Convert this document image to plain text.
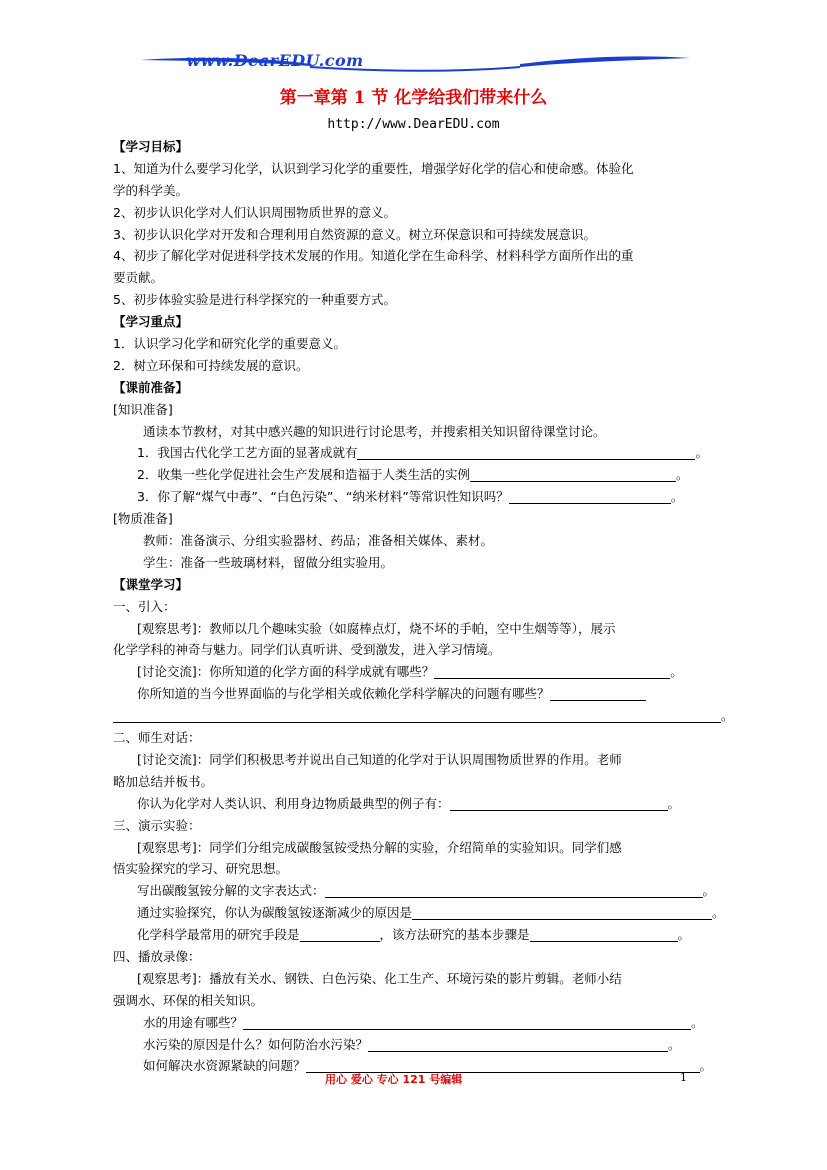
www.DearEDU.com
第一章第 1 节 化学给我们带来什么
http://www.DearEDU.com
【学习目标】
1、知道为什么要学习化学，认识到学习化学的重要性，增强学好化学的信心和使命感。体验化
学的科学美。
2、初步认识化学对人们认识周围物质世界的意义。
3、初步认识化学对开发和合理利用自然资源的意义。树立环保意识和可持续发展意识。
4、初步了解化学对促进科学技术发展的作用。知道化学在生命科学、材料科学方面所作出的重
要贡献。
5、初步体验实验是进行科学探究的一种重要方式。
【学习重点】
1．认识学习化学和研究化学的重要意义。
2．树立环保和可持续发展的意识。
【课前准备】
[知识准备]
通读本节教材，对其中感兴趣的知识进行讨论思考，并搜索相关知识留待课堂讨论。
1．我国古代化学工艺方面的显著成就有	。
2．收集一些化学促进社会生产发展和造福于人类生活的实例	。
3．你了解“煤气中毒”、“白色污染”、“纳米材料”等常识性知识吗？	。
[物质准备]
教师：准备演示、分组实验器材、药品；准备相关媒体、素材。
学生：准备一些玻璃材料，留做分组实验用。
【课堂学习】
一、引入：
[观察思考]：教师以几个趣味实验（如腐棒点灯，烧不坏的手帕，空中生烟等等），展示
化学学科的神奇与魅力。同学们认真听讲、受到激发，进入学习情境。
[讨论交流]：你所知道的化学方面的科学成就有哪些？	。
你所知道的当今世界面临的与化学相关或依赖化学科学解决的问题有哪些？
。
二、师生对话：
[讨论交流]：同学们积极思考并说出自己知道的化学对于认识周围物质世界的作用。老师
略加总结并板书。
你认为化学对人类认识、利用身边物质最典型的例子有：	。
三、演示实验：
[观察思考]：同学们分组完成碳酸氢铵受热分解的实验，介绍简单的实验知识。同学们感
悟实验探究的学习、研究思想。
写出碳酸氢铵分解的文字表达式：	。
通过实验探究，你认为碳酸氢铵逐渐减少的原因是	。
化学科学最常用的研究手段是	，该方法研究的基本步骤是	。
四、播放录像：
[观察思考]：播放有关水、钢铁、白色污染、化工生产、环境污染的影片剪辑。老师小结
强调水、环保的相关知识。
水的用途有哪些？	。
水污染的原因是什么？如何防治水污染？	。
如何解决水资源紧缺的问题？	。
用心 爱心 专心 121 号编辑	1
